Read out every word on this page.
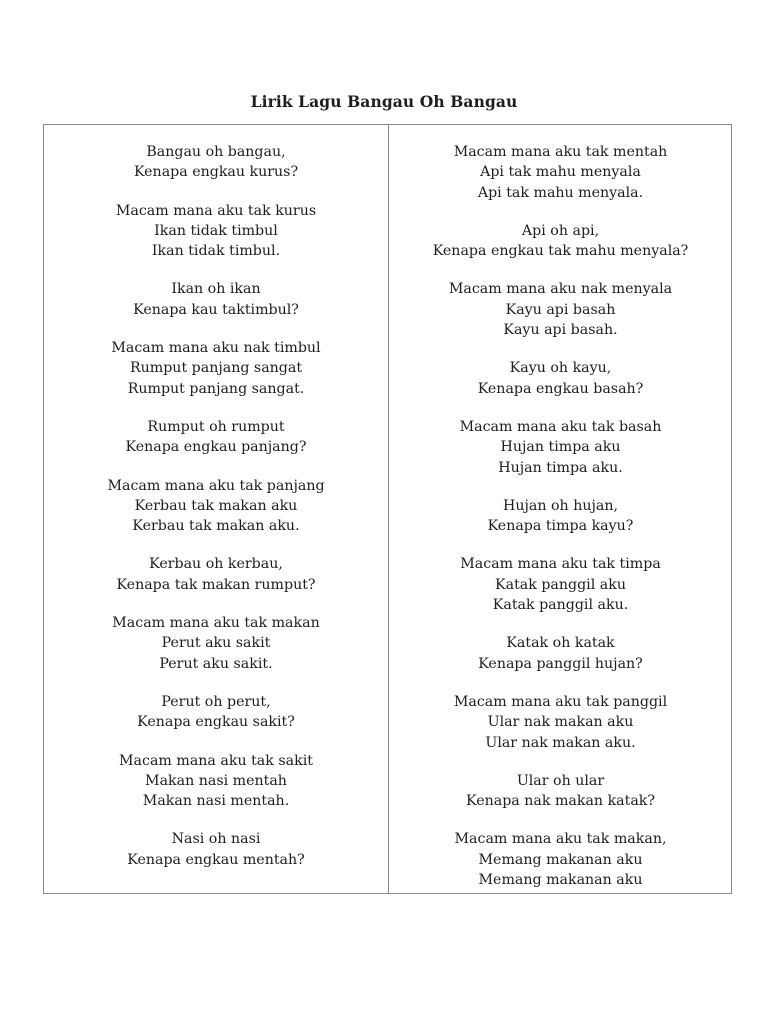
Lirik Lagu Bangau Oh Bangau
Bangau oh bangau,
Kenapa engkau kurus?
Macam mana aku tak kurus
Ikan tidak timbul
Ikan tidak timbul.
Ikan oh ikan
Kenapa kau taktimbul?
Macam mana aku nak timbul
Rumput panjang sangat
Rumput panjang sangat.
Rumput oh rumput
Kenapa engkau panjang?
Macam mana aku tak panjang
Kerbau tak makan aku
Kerbau tak makan aku.
Kerbau oh kerbau,
Kenapa tak makan rumput?
Macam mana aku tak makan
Perut aku sakit
Perut aku sakit.
Perut oh perut,
Kenapa engkau sakit?
Macam mana aku tak sakit
Makan nasi mentah
Makan nasi mentah.
Nasi oh nasi
Kenapa engkau mentah?
Macam mana aku tak mentah
Api tak mahu menyala
Api tak mahu menyala.
Api oh api,
Kenapa engkau tak mahu menyala?
Macam mana aku nak menyala
Kayu api basah
Kayu api basah.
Kayu oh kayu,
Kenapa engkau basah?
Macam mana aku tak basah
Hujan timpa aku
Hujan timpa aku.
Hujan oh hujan,
Kenapa timpa kayu?
Macam mana aku tak timpa
Katak panggil aku
Katak panggil aku.
Katak oh katak
Kenapa panggil hujan?
Macam mana aku tak panggil
Ular nak makan aku
Ular nak makan aku.
Ular oh ular
Kenapa nak makan katak?
Macam mana aku tak makan,
Memang makanan aku
Memang makanan aku
